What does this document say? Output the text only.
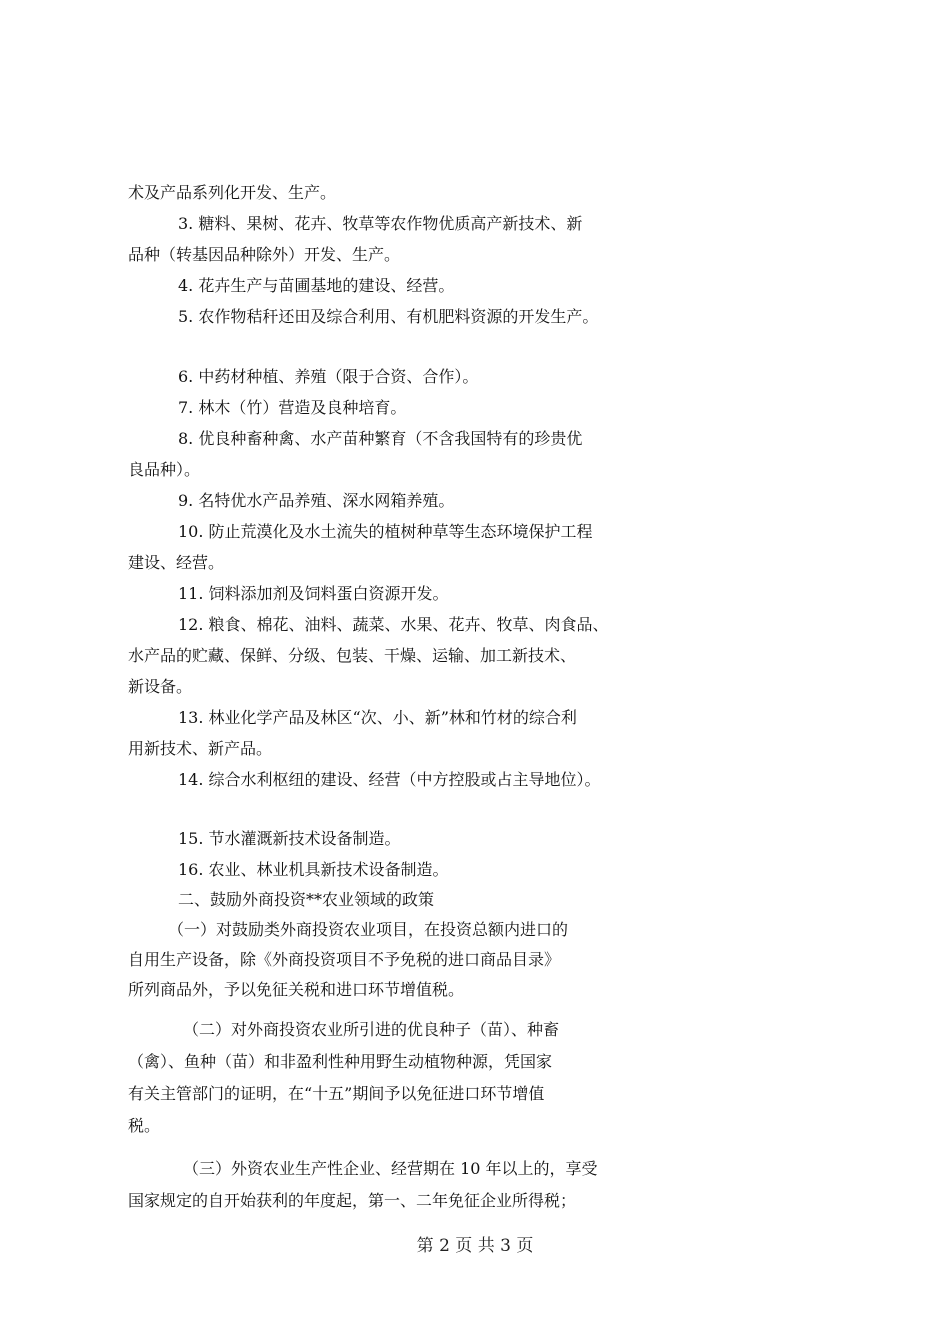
术及产品系列化开发、生产。
3. 糖料、果树、花卉、牧草等农作物优质高产新技术、新
品种（转基因品种除外）开发、生产。
4. 花卉生产与苗圃基地的建设、经营。
5. 农作物秸秆还田及综合利用、有机肥料资源的开发生产。
6. 中药材种植、养殖（限于合资、合作）。
7. 林木（竹）营造及良种培育。
8. 优良种畜种禽、水产苗种繁育（不含我国特有的珍贵优
良品种）。
9. 名特优水产品养殖、深水网箱养殖。
10. 防止荒漠化及水土流失的植树种草等生态环境保护工程
建设、经营。
11. 饲料添加剂及饲料蛋白资源开发。
12. 粮食、棉花、油料、蔬菜、水果、花卉、牧草、肉食品、
水产品的贮藏、保鲜、分级、包装、干燥、运输、加工新技术、
新设备。
13. 林业化学产品及林区“次、小、新”林和竹材的综合利
用新技术、新产品。
14. 综合水利枢纽的建设、经营（中方控股或占主导地位）。
15. 节水灌溉新技术设备制造。
16. 农业、林业机具新技术设备制造。
二、鼓励外商投资**农业领域的政策
（一）对鼓励类外商投资农业项目，在投资总额内进口的
自用生产设备，除《外商投资项目不予免税的进口商品目录》
所列商品外，予以免征关税和进口环节增值税。
（二）对外商投资农业所引进的优良种子（苗）、种畜
（禽）、鱼种（苗）和非盈利性种用野生动植物种源，凭国家
有关主管部门的证明，在“十五”期间予以免征进口环节增值
税。
（三）外资农业生产性企业、经营期在 10 年以上的，享受
国家规定的自开始获利的年度起，第一、二年免征企业所得税；
第 2 页 共 3 页
